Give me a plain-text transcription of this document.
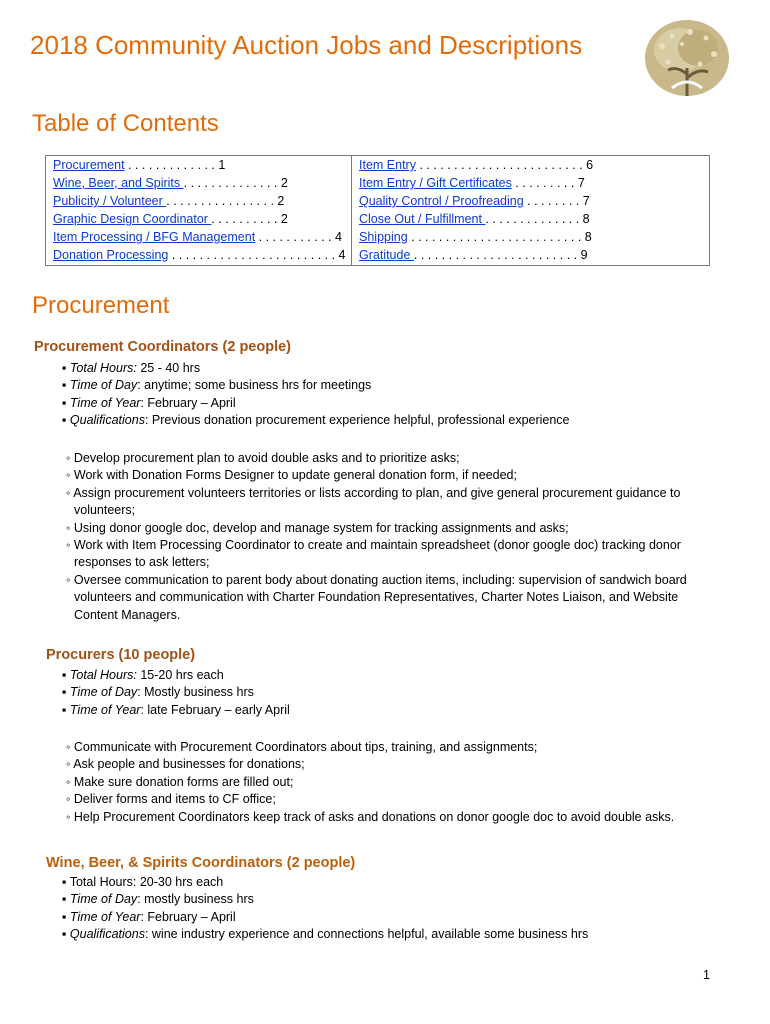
2018 Community Auction Jobs and Descriptions
Table of Contents
Procurement . . . . . . . . . . . . . 1
Wine, Beer, and Spirits . . . . . . . . . . . . . . 2
Publicity / Volunteer . . . . . . . . . . . . . . . . 2
Graphic Design Coordinator . . . . . . . . . . 2
Item Processing / BFG Management . . . . . . . . . . . 4
Donation Processing . . . . . . . . . . . . . . . . . . . . . . . . 4
Item Entry . . . . . . . . . . . . . . . . . . . . . . . . 6
Item Entry / Gift Certificates . . . . . . . . . 7
Quality Control / Proofreading . . . . . . . . 7
Close Out / Fulfillment . . . . . . . . . . . . . . 8
Shipping . . . . . . . . . . . . . . . . . . . . . . . . . 8
Gratitude . . . . . . . . . . . . . . . . . . . . . . . . 9
Procurement
Procurement Coordinators (2 people)
▪ Total Hours: 25 - 40 hrs
▪ Time of Day: anytime; some business hrs for meetings
▪ Time of Year: February – April
▪ Qualifications: Previous donation procurement experience helpful, professional experience
◦ Develop procurement plan to avoid double asks and to prioritize asks;
◦ Work with Donation Forms Designer to update general donation form, if needed;
◦ Assign procurement volunteers territories or lists according to plan, and give general procurement guidance to volunteers;
◦ Using donor google doc, develop and manage system for tracking assignments and asks;
◦ Work with Item Processing Coordinator to create and maintain spreadsheet (donor google doc) tracking donor responses to ask letters;
◦ Oversee communication to parent body about donating auction items, including: supervision of sandwich board volunteers and communication with Charter Foundation Representatives, Charter Notes Liaison, and Website Content Managers.
Procurers (10 people)
▪ Total Hours: 15-20 hrs each
▪ Time of Day: Mostly business hrs
▪ Time of Year: late February – early April
◦ Communicate with Procurement Coordinators about tips, training, and assignments;
◦ Ask people and businesses for donations;
◦ Make sure donation forms are filled out;
◦ Deliver forms and items to CF office;
◦ Help Procurement Coordinators keep track of asks and donations on donor google doc to avoid double asks.
Wine, Beer, & Spirits Coordinators (2 people)
▪ Total Hours: 20-30 hrs each
▪ Time of Day: mostly business hrs
▪ Time of Year: February – April
▪ Qualifications: wine industry experience and connections helpful, available some business hrs
1
